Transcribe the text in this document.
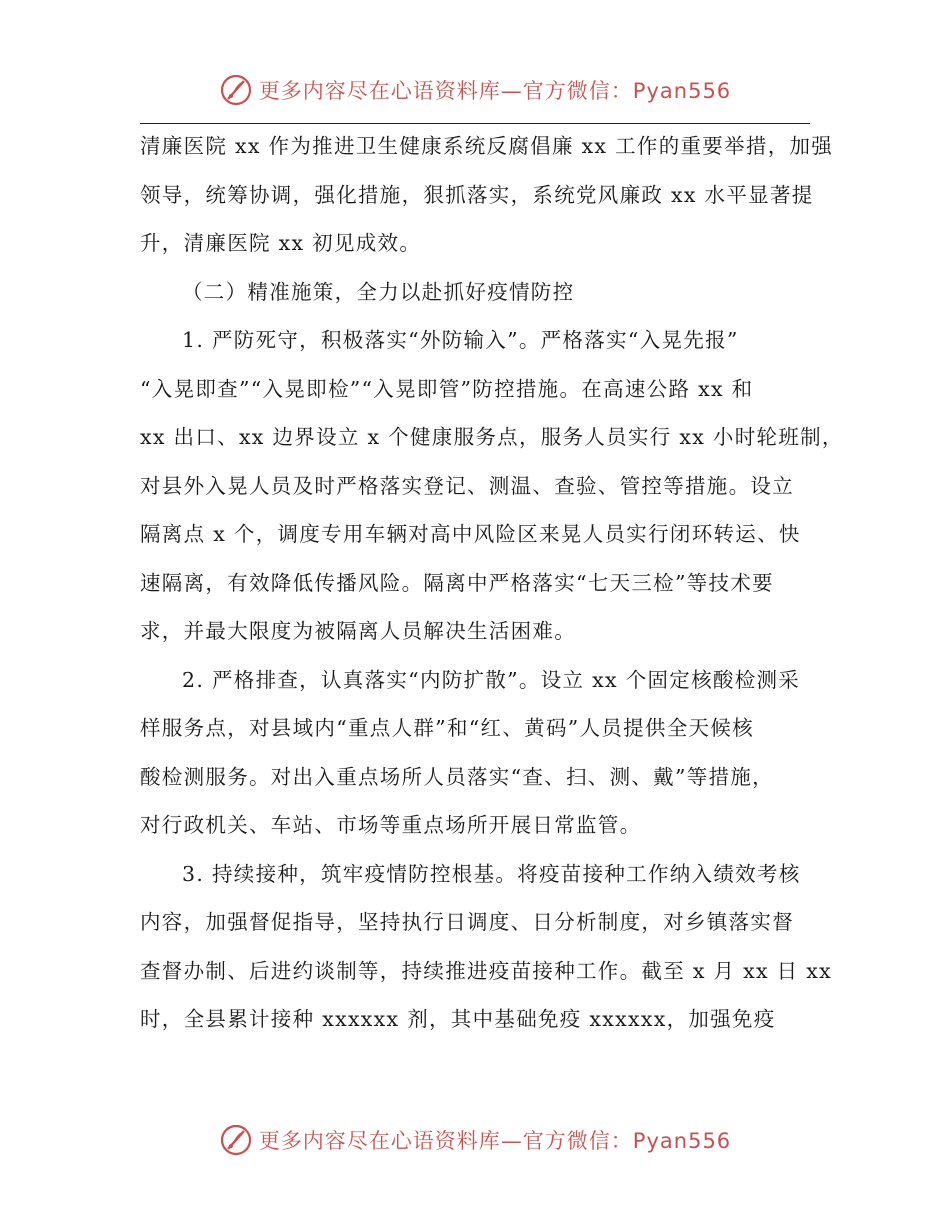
更多内容尽在心语资料库—官方微信：Pyan556

清廉医院 xx 作为推进卫生健康系统反腐倡廉 xx 工作的重要举措，加强

领导，统筹协调，强化措施，狠抓落实，系统党风廉政 xx 水平显著提

升，清廉医院 xx 初见成效。

（二）精准施策，全力以赴抓好疫情防控

1. 严防死守，积极落实“外防输入”。严格落实“入晃先报”

“入晃即查”“入晃即检”“入晃即管”防控措施。在高速公路 xx 和

xx 出口、xx 边界设立 x 个健康服务点，服务人员实行 xx 小时轮班制，

对县外入晃人员及时严格落实登记、测温、查验、管控等措施。设立

隔离点 x 个，调度专用车辆对高中风险区来晃人员实行闭环转运、快

速隔离，有效降低传播风险。隔离中严格落实“七天三检”等技术要

求，并最大限度为被隔离人员解决生活困难。

2. 严格排查，认真落实“内防扩散”。设立 xx 个固定核酸检测采

样服务点，对县域内“重点人群”和“红、黄码”人员提供全天候核

酸检测服务。对出入重点场所人员落实“查、扫、测、戴”等措施，

对行政机关、车站、市场等重点场所开展日常监管。

3. 持续接种，筑牢疫情防控根基。将疫苗接种工作纳入绩效考核

内容，加强督促指导，坚持执行日调度、日分析制度，对乡镇落实督

查督办制、后进约谈制等，持续推进疫苗接种工作。截至 x 月 xx 日 xx

时，全县累计接种 xxxxxx 剂，其中基础免疫 xxxxxx，加强免疫

更多内容尽在心语资料库—官方微信：Pyan556
